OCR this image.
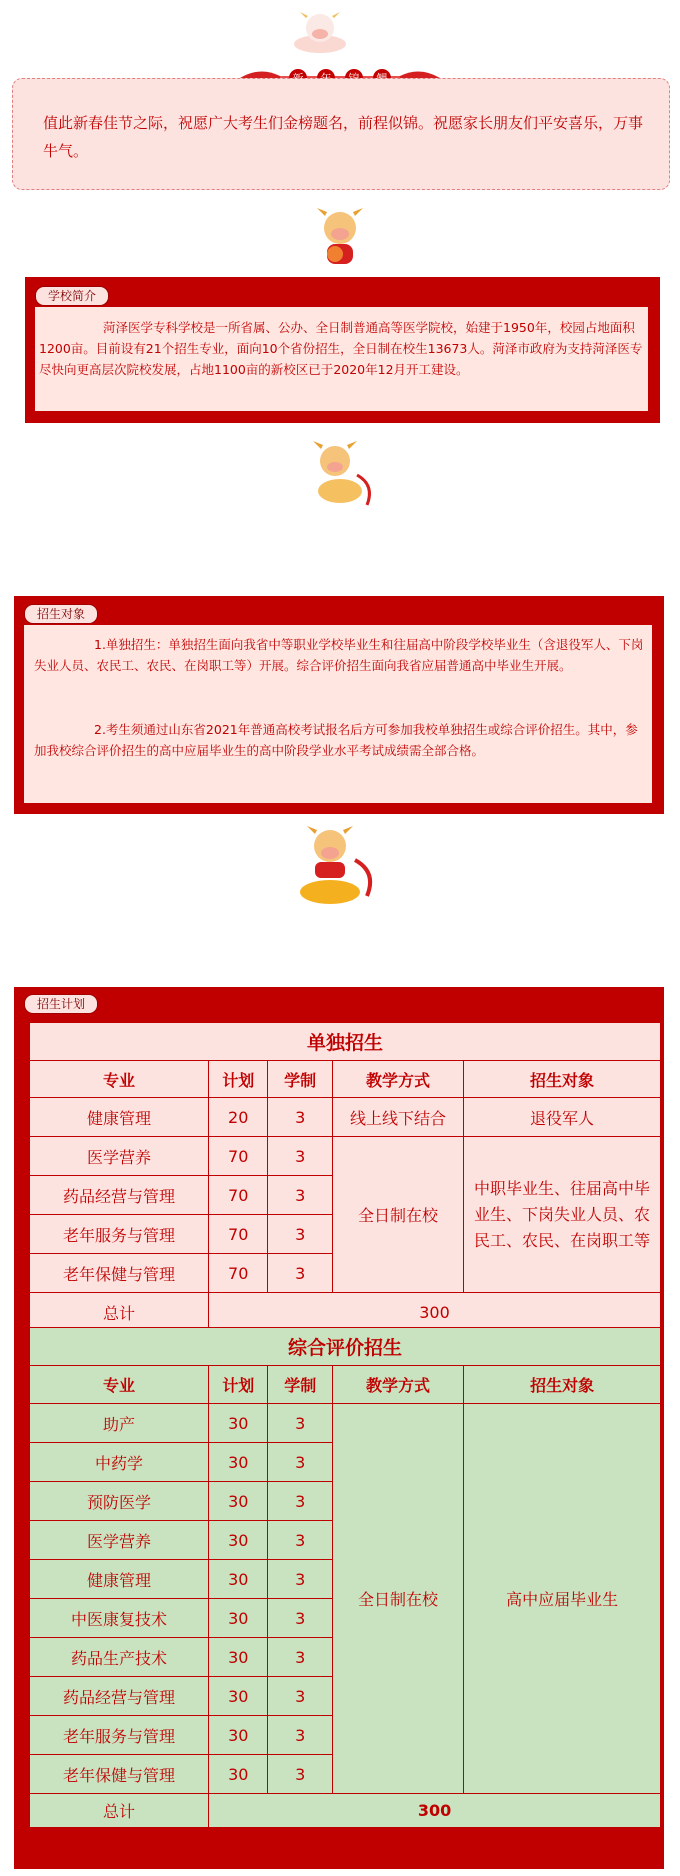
值此新春佳节之际，祝愿广大考生们金榜题名，前程似锦。祝愿家长朋友们平安喜乐，万事牛气。
学校简介
菏泽医学专科学校是一所省属、公办、全日制普通高等医学院校，始建于1950年，校园占地面积1200亩。目前设有21个招生专业，面向10个省份招生，全日制在校生13673人。菏泽市政府为支持菏泽医专尽快向更高层次院校发展，占地1100亩的新校区已于2020年12月开工建设。
招生对象
1.单独招生：单独招生面向我省中等职业学校毕业生和往届高中阶段学校毕业生（含退役军人、下岗失业人员、农民工、农民、在岗职工等）开展。综合评价招生面向我省应届普通高中毕业生开展。
2.考生须通过山东省2021年普通高校考试报名后方可参加我校单独招生或综合评价招生。其中，参加我校综合评价招生的高中应届毕业生的高中阶段学业水平考试成绩需全部合格。
招生计划
单独招生				
专业	计划	学制	教学方式	招生对象
健康管理	20	3	线上线下结合	退役军人
医学营养	70	3	全日制在校	中职毕业生、往届高中毕业生、下岗失业人员、农民工、农民、在岗职工等
药品经营与管理	70	3		
老年服务与管理	70	3		
老年保健与管理	70	3		
总计	300			
综合评价招生				
专业	计划	学制	教学方式	招生对象
助产	30	3	全日制在校	高中应届毕业生
中药学	30	3		
预防医学	30	3		
医学营养	30	3		
健康管理	30	3		
中医康复技术	30	3		
药品生产技术	30	3		
药品经营与管理	30	3		
老年服务与管理	30	3		
老年保健与管理	30	3		
总计	300			
